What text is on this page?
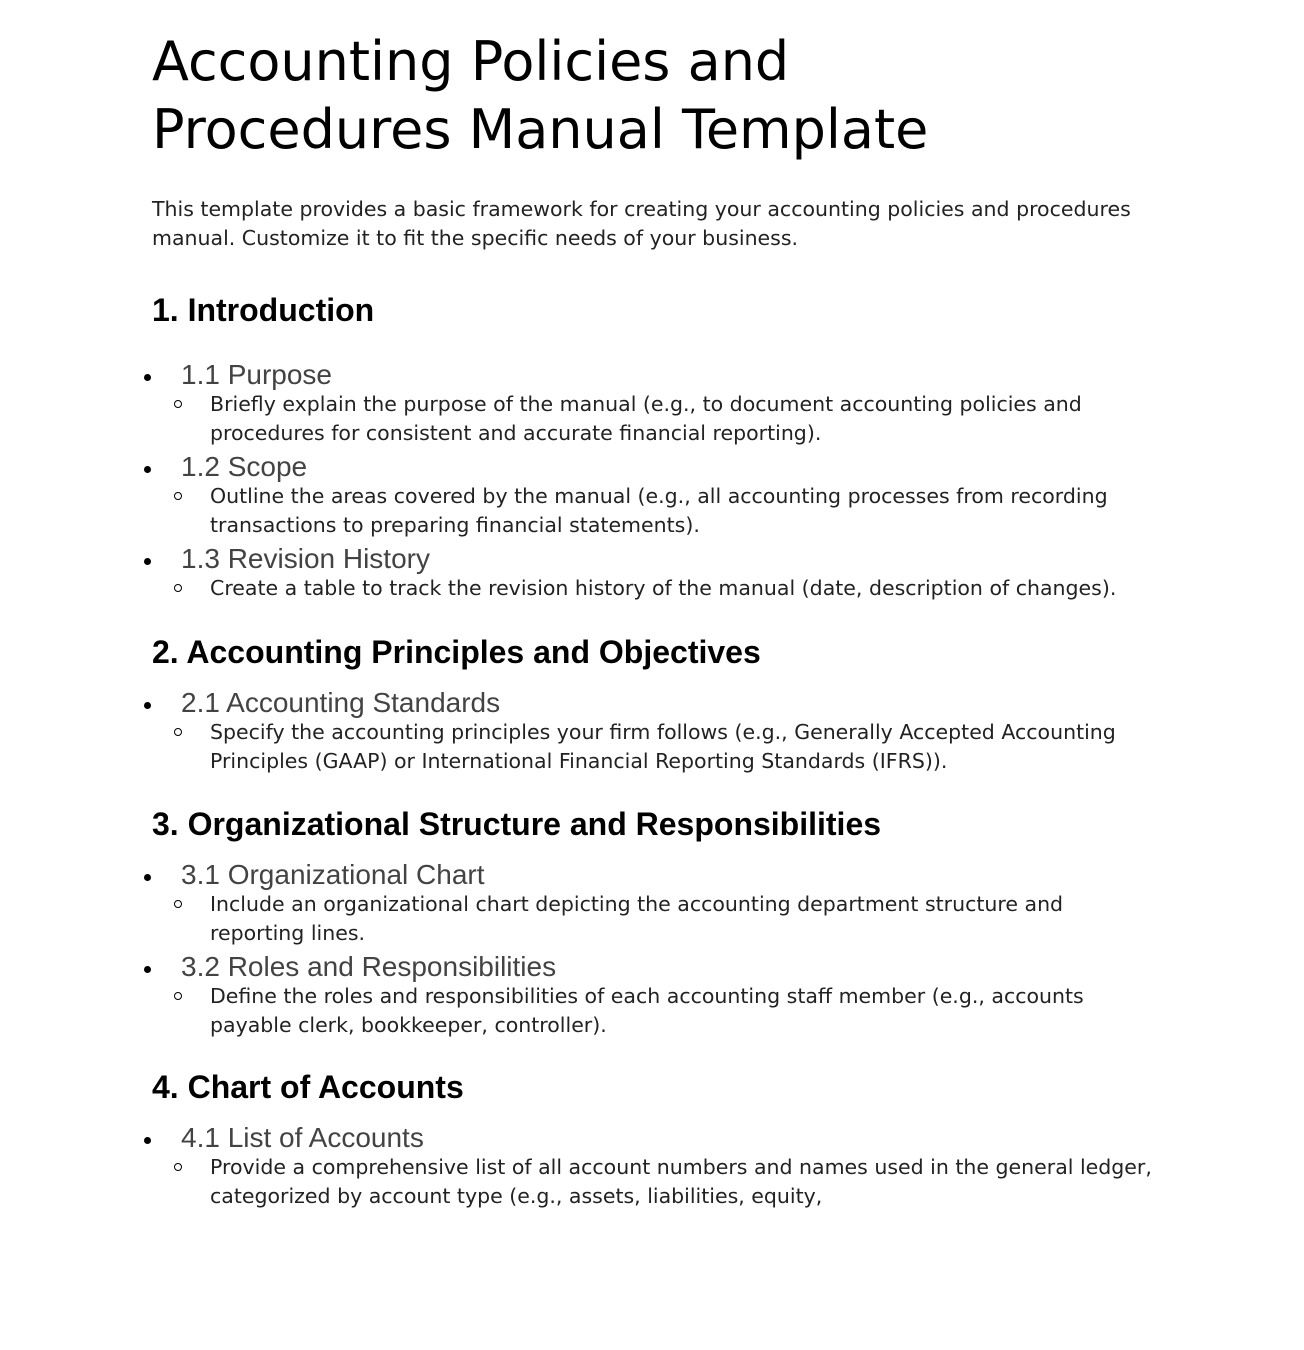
Accounting Policies and
Procedures Manual Template

This template provides a basic framework for creating your accounting policies and procedures manual. Customize it to fit the specific needs of your business.

1. Introduction
1.1 Purpose
Briefly explain the purpose of the manual (e.g., to document accounting policies and procedures for consistent and accurate financial reporting).
1.2 Scope
Outline the areas covered by the manual (e.g., all accounting processes from recording transactions to preparing financial statements).
1.3 Revision History
Create a table to track the revision history of the manual (date, description of changes).
2. Accounting Principles and Objectives
2.1 Accounting Standards
Specify the accounting principles your firm follows (e.g., Generally Accepted Accounting Principles (GAAP) or International Financial Reporting Standards (IFRS)).
3. Organizational Structure and Responsibilities
3.1 Organizational Chart
Include an organizational chart depicting the accounting department structure and reporting lines.
3.2 Roles and Responsibilities
Define the roles and responsibilities of each accounting staff member (e.g., accounts payable clerk, bookkeeper, controller).
4. Chart of Accounts
4.1 List of Accounts
Provide a comprehensive list of all account numbers and names used in the general ledger, categorized by account type (e.g., assets, liabilities, equity,
